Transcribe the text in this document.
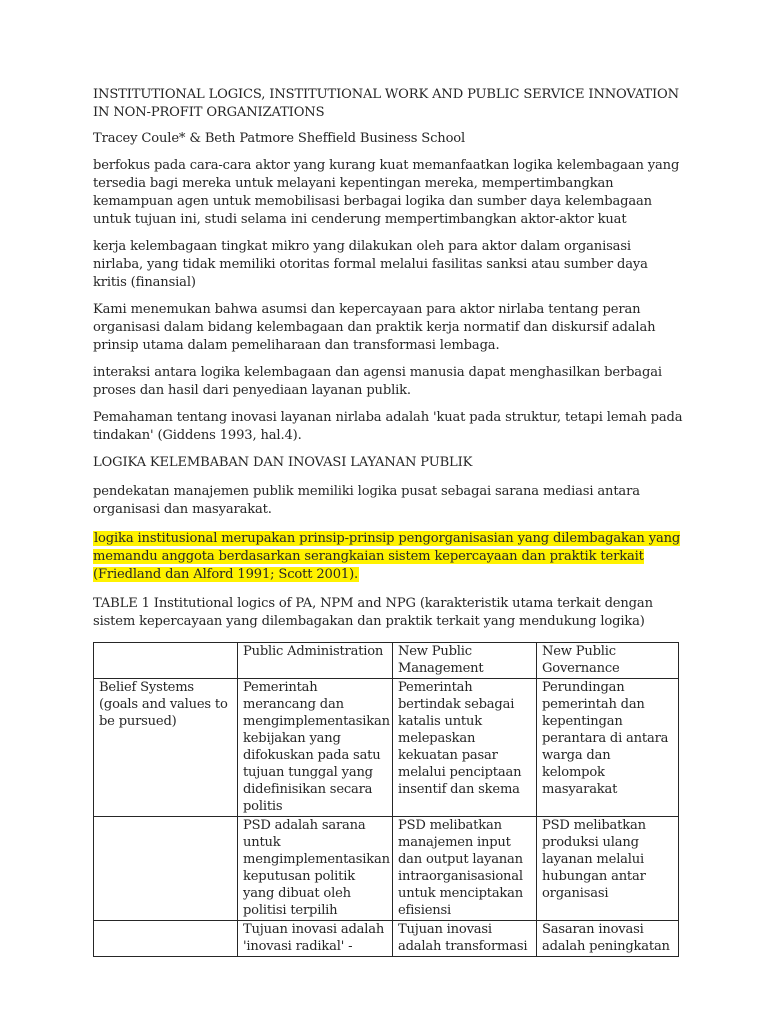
INSTITUTIONAL LOGICS, INSTITUTIONAL WORK AND PUBLIC SERVICE INNOVATION IN NON-PROFIT ORGANIZATIONS

Tracey Coule* & Beth Patmore Sheffield Business School

berfokus pada cara-cara aktor yang kurang kuat memanfaatkan logika kelembagaan yang tersedia bagi mereka untuk melayani kepentingan mereka, mempertimbangkan kemampuan agen untuk memobilisasi berbagai logika dan sumber daya kelembagaan untuk tujuan ini, studi selama ini cenderung mempertimbangkan aktor-aktor kuat

kerja kelembagaan tingkat mikro yang dilakukan oleh para aktor dalam organisasi nirlaba, yang tidak memiliki otoritas formal melalui fasilitas sanksi atau sumber daya kritis (finansial)

Kami menemukan bahwa asumsi dan kepercayaan para aktor nirlaba tentang peran organisasi dalam bidang kelembagaan dan praktik kerja normatif dan diskursif adalah prinsip utama dalam pemeliharaan dan transformasi lembaga.

interaksi antara logika kelembagaan dan agensi manusia dapat menghasilkan berbagai proses dan hasil dari penyediaan layanan publik.

Pemahaman tentang inovasi layanan nirlaba adalah 'kuat pada struktur, tetapi lemah pada tindakan' (Giddens 1993, hal.4).

LOGIKA KELEMBABAN DAN INOVASI LAYANAN PUBLIK

pendekatan manajemen publik memiliki logika pusat sebagai sarana mediasi antara organisasi dan masyarakat.

logika institusional merupakan prinsip-prinsip pengorganisasian yang dilembagakan yang memandu anggota berdasarkan serangkaian sistem kepercayaan dan praktik terkait (Friedland dan Alford 1991; Scott 2001).

TABLE 1 Institutional logics of PA, NPM and NPG (karakteristik utama terkait dengan sistem kepercayaan yang dilembagakan dan praktik terkait yang mendukung logika)

	Public Administration	New Public Management	New Public Governance
Belief Systems (goals and values to be pursued)	Pemerintah merancang dan mengimplementasikan kebijakan yang difokuskan pada satu tujuan tunggal yang didefinisikan secara politis	Pemerintah bertindak sebagai katalis untuk melepaskan kekuatan pasar melalui penciptaan insentif dan skema	Perundingan pemerintah dan kepentingan perantara di antara warga dan kelompok masyarakat
	PSD adalah sarana untuk mengimplementasikan keputusan politik yang dibuat oleh politisi terpilih	PSD melibatkan manajemen input dan output layanan intraorganisasional untuk menciptakan efisiensi	PSD melibatkan produksi ulang layanan melalui hubungan antar organisasi
	Tujuan inovasi adalah 'inovasi radikal' -	Tujuan inovasi adalah transformasi	Sasaran inovasi adalah peningkatan
